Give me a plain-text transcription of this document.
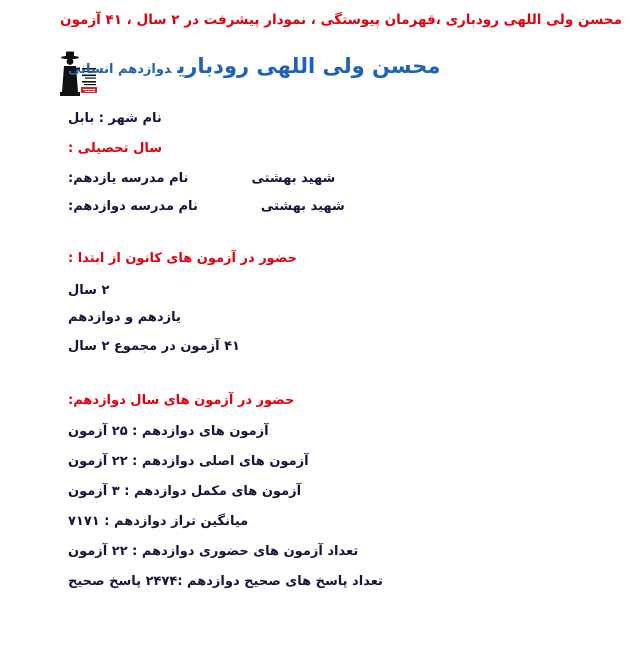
محسن ولی اللهی رودباری ،قهرمان پیوستگی ، نمودار پیشرفت در ۲ سال ، ۴۱ آزمون
محسن ولی اللهی رودباریدوازدهم انسانی
نام شهر : بابل
سال تحصیلی :
شهید بهشتی
نام مدرسه یازدهم:
شهید بهشتی
نام مدرسه دوازدهم:
حضور در آزمون های کانون از ابتدا :
۲ سال
یازدهم و دوازدهم
۴۱ آزمون در مجموع ۲ سال
حضور در آزمون های سال دوازدهم:
آزمون های دوازدهم : ۲۵ آزمون
آزمون های اصلی دوازدهم : ۲۲ آزمون
آزمون های مکمل دوازدهم : ۳ آزمون
میانگین تراز دوازدهم : ۷۱۷۱
تعداد آزمون های حضوری دوازدهم : ۲۲ آزمون
تعداد پاسخ های صحیح دوازدهم :۲۴۷۴ پاسخ صحیح
